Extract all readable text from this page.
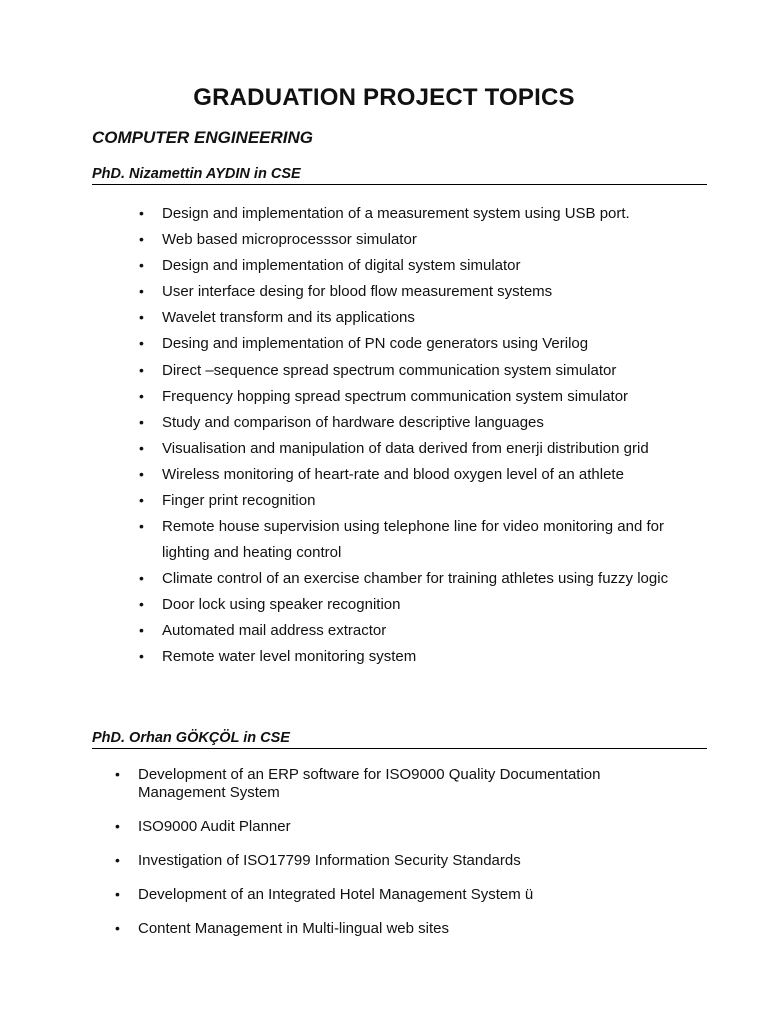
GRADUATION PROJECT TOPICS
COMPUTER ENGINEERING
PhD. Nizamettin AYDIN in CSE
• Design and implementation of a measurement system using USB port.
• Web based microprocesssor simulator
• Design and implementation of digital system simulator
• User interface desing for blood flow measurement systems
• Wavelet transform and its applications
• Desing and implementation of PN code generators using Verilog
• Direct –sequence spread spectrum communication system simulator
• Frequency hopping spread spectrum communication system simulator
• Study and comparison of hardware descriptive languages
• Visualisation and manipulation of data derived from enerji distribution grid
• Wireless monitoring of heart-rate and blood oxygen level of an athlete
• Finger print recognition
• Remote house supervision using telephone line for video monitoring and for lighting and heating control
• Climate control of an exercise chamber for training athletes using fuzzy logic
• Door lock using speaker recognition
• Automated mail address extractor
• Remote water level monitoring system
PhD. Orhan GÖKÇÖL in CSE
• Development of an ERP software for ISO9000 Quality Documentation Management System
• ISO9000 Audit Planner
• Investigation of ISO17799 Information Security Standards
• Development of an Integrated Hotel Management System ü
• Content Management in Multi-lingual web sites
